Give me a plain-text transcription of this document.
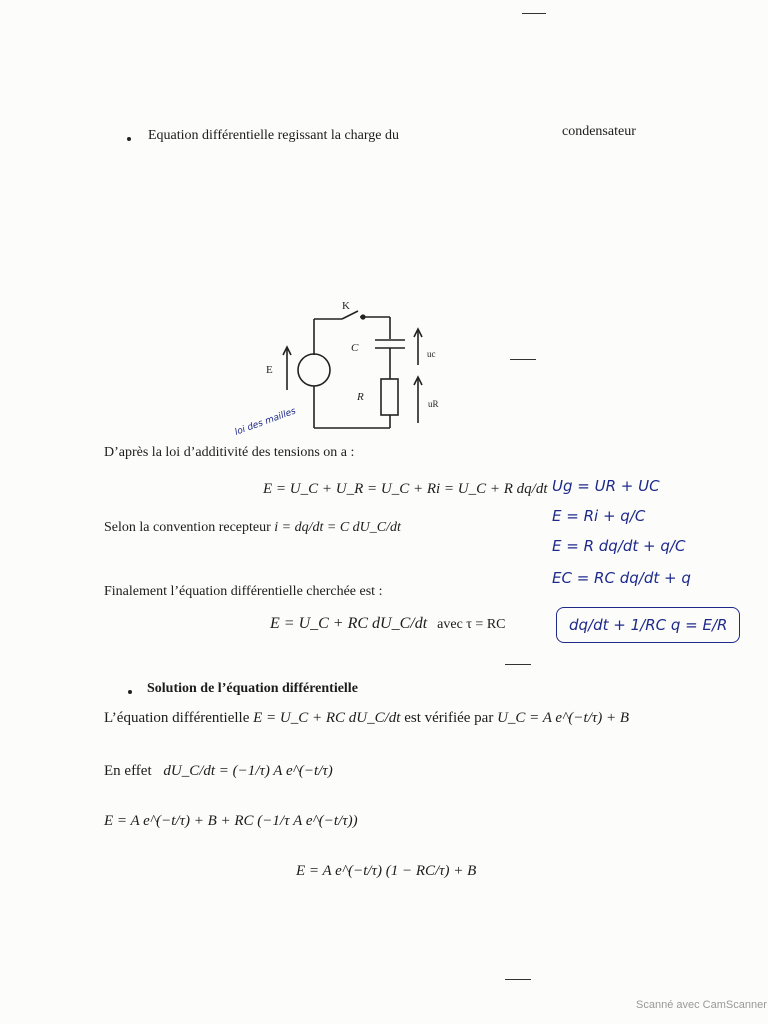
Equation différentielle regissant la charge du	condensateur
K
E
C
R
uc
uR
loi des mailles
D’après la loi d’additivité des tensions on a :
E = U_C + U_R = U_C + Ri = U_C + R dq/dt
Selon la convention recepteur i = dq/dt = C dU_C/dt
Finalement l’équation différentielle cherchée est :
E = U_C + RC dU_C/dt avec τ = RC
Ug = UR + UC
E = Ri + q/C
E = R dq/dt + q/C
EC = RC dq/dt + q
dq/dt + 1/RC q = E/R
Solution de l’équation différentielle
L’équation différentielle E = U_C + RC dU_C/dt est vérifiée par U_C = A e^(−t/τ) + B
En effet dU_C/dt = (−1/τ) A e^(−t/τ)
E = A e^(−t/τ) + B + RC (−1/τ A e^(−t/τ))
E = A e^(−t/τ) (1 − RC/τ) + B
Scanné avec CamScanner
